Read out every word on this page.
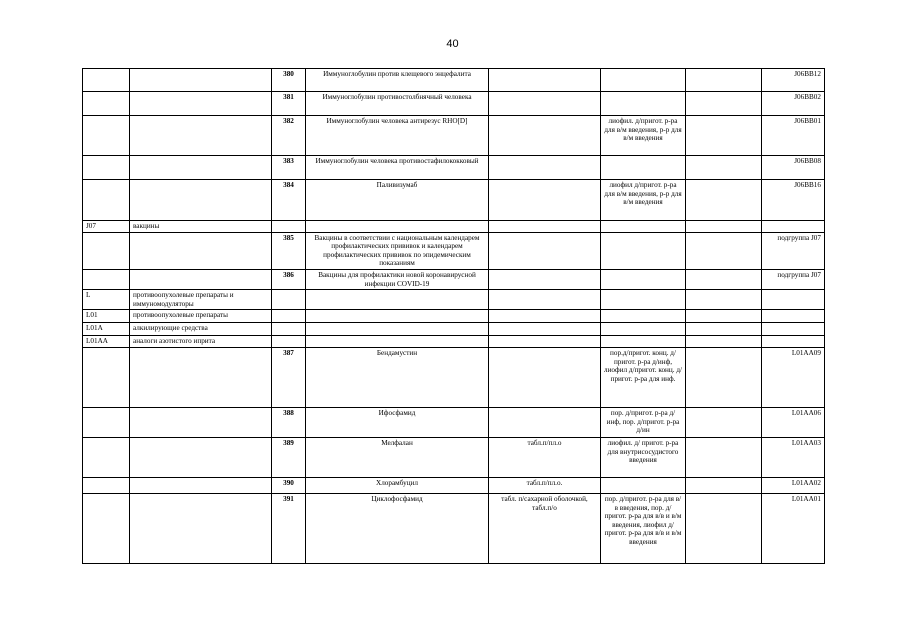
40
		380	Иммуноглобулин против клещевого энцефалита				J06BB12
		381	Иммуноглобулин противостолбнячный человека				J06BB02
		382	Иммуноглобулин человека антирезус RHO[D]		лиофил. д/пригот. р-ра для в/м введения, р-р для в/м введения		J06BB01
		383	Иммуноглобулин человека противостафилококковый				J06BB08
		384	Паливизумаб		лиофил д/пригот. р-ра для в/м введения, р-р для в/м введения		J06BB16
J07	вакцины						
		385	Вакцины в соответствии с национальным календарем профилактических прививок и календарем профилактических прививок по эпидемическим показаниям				подгруппа J07
		386	Вакцины для профилактики новой коронавирусной инфекции COVID-19				подгруппа J07
L	противоопухолевые препараты и иммуномодуляторы						
L01	противоопухолевые препараты						
L01A	алкилирующие средства						
L01AA	аналоги азотистого иприта						
		387	Бендамустин		пор.д/пригот. конц. д/пригот. р-ра д/инф, лиофил д/пригот. конц. д/пригот. р-ра для инф.		L01AA09
		388	Ифосфамид		пор. д/пригот. р-ра д/инф, пор. д/пригот. р-ра д/ин		L01AA06
		389	Мелфалан	табл.п/пл.о	лиофил. д/ пригот. р-ра для внутрисосудистого введения		L01AA03
		390	Хлорамбуцил	табл.п/пл.о.			L01AA02
		391	Циклофосфамид	табл. п/сахарной оболочкой, табл.п/о	пор. д/пригот. р-ра для в/в введения, пор. д/пригот. р-ра для в/в и в/м введения, лиофил д/пригот. р-ра для в/в и в/м введения		L01AA01
